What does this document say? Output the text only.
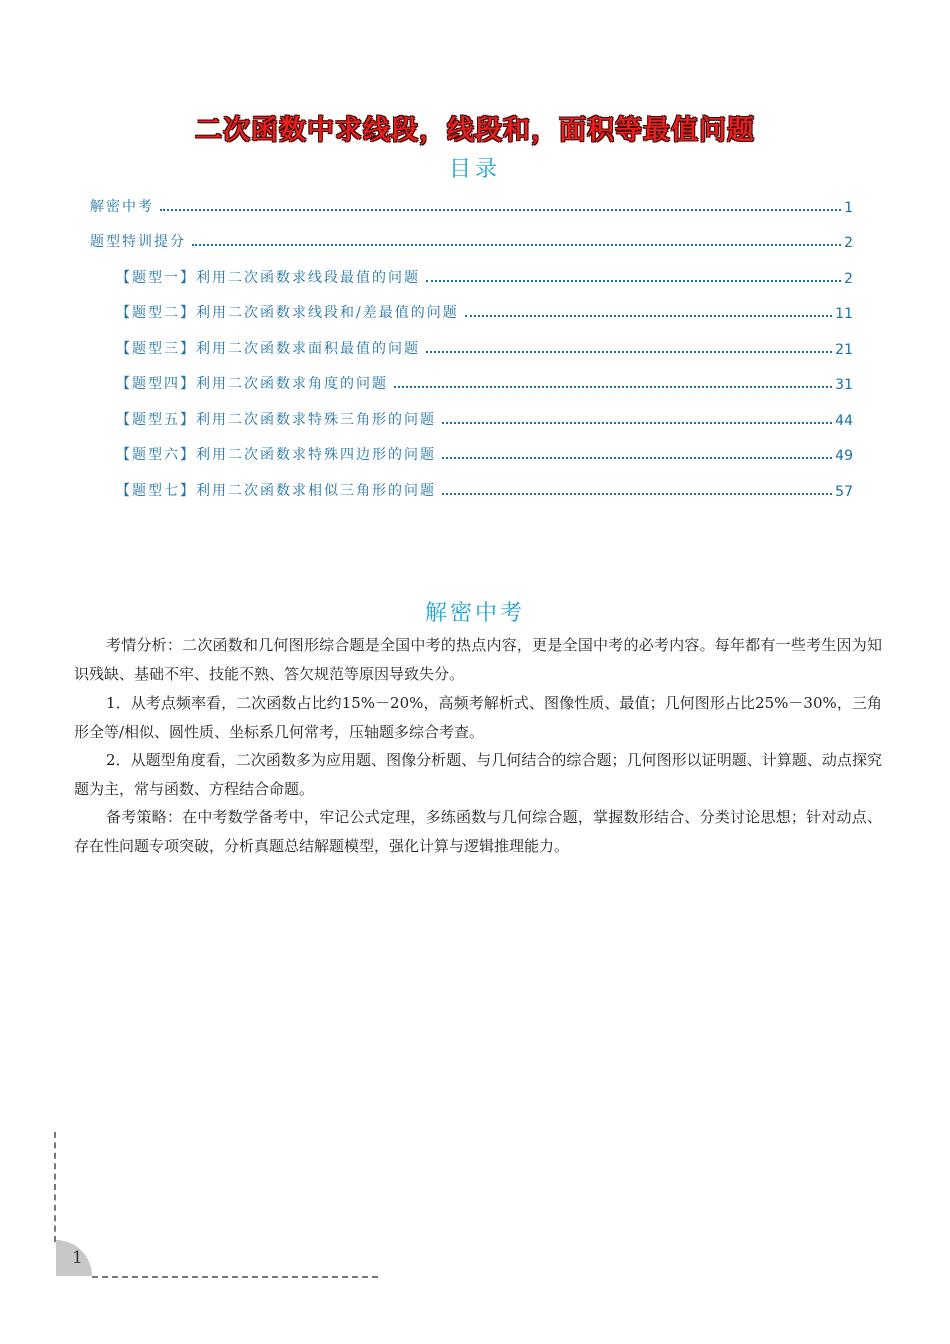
二次函数中求线段，线段和，面积等最值问题
目录
解密中考	1
题型特训提分	2
【题型一】利用二次函数求线段最值的问题	2
【题型二】利用二次函数求线段和/差最值的问题	11
【题型三】利用二次函数求面积最值的问题	21
【题型四】利用二次函数求角度的问题	31
【题型五】利用二次函数求特殊三角形的问题	44
【题型六】利用二次函数求特殊四边形的问题	49
【题型七】利用二次函数求相似三角形的问题	57
解密中考

考情分析：二次函数和几何图形综合题是全国中考的热点内容，更是全国中考的必考内容。每年都有一些考生因为知识残缺、基础不牢、技能不熟、答欠规范等原因导致失分。

1．从考点频率看，二次函数占比约15%－20%，高频考解析式、图像性质、最值；几何图形占比25%－30%，三角形全等/相似、圆性质、坐标系几何常考，压轴题多综合考查。

2．从题型角度看，二次函数多为应用题、图像分析题、与几何结合的综合题；几何图形以证明题、计算题、动点探究题为主，常与函数、方程结合命题。

备考策略：在中考数学备考中，牢记公式定理，多练函数与几何综合题，掌握数形结合、分类讨论思想；针对动点、存在性问题专项突破，分析真题总结解题模型，强化计算与逻辑推理能力。

1
